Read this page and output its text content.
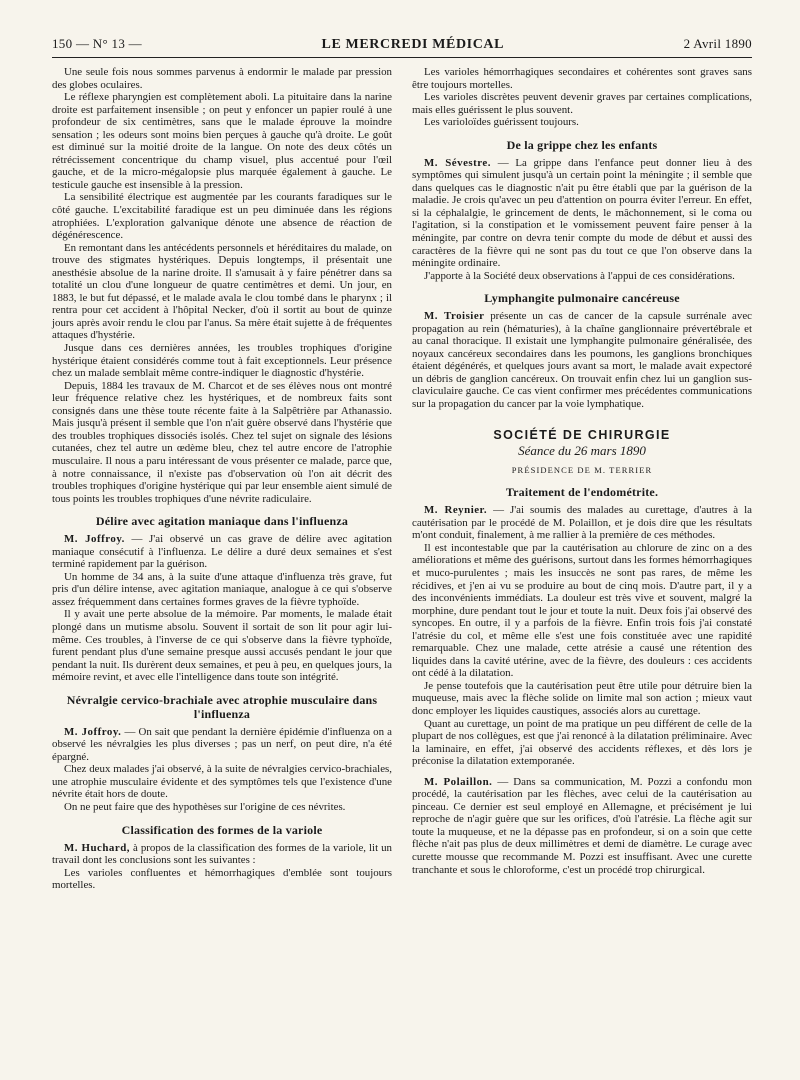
150 — N° 13 —	LE MERCREDI MÉDICAL	2 Avril 1890

Une seule fois nous sommes parvenus à endormir le malade par pression des globes oculaires.

Le réflexe pharyngien est complètement aboli. La pituitaire dans la narine droite est parfaitement insensible ; on peut y enfoncer un papier roulé à une profondeur de six centimètres, sans que le malade éprouve la moindre sensation ; les odeurs sont moins bien perçues à gauche qu'à droite. Le goût est diminué sur la moitié droite de la langue. On note des deux côtés un rétrécissement concentrique du champ visuel, plus accentué pour l'œil gauche, et de la micro-mégalopsie plus marquée également à gauche. Le testicule gauche est insensible à la pression.

La sensibilité électrique est augmentée par les courants faradiques sur le côté gauche. L'excitabilité faradique est un peu diminuée dans les régions atrophiées. L'exploration galvanique dénote une absence de réaction de dégénérescence.

En remontant dans les antécédents personnels et héréditaires du malade, on trouve des stigmates hystériques. Depuis longtemps, il présentait une anesthésie absolue de la narine droite. Il s'amusait à y faire pénétrer dans sa totalité un clou d'une longueur de quatre centimètres et demi. Un jour, en 1883, le but fut dépassé, et le malade avala le clou tombé dans le pharynx ; il rentra pour cet accident à l'hôpital Necker, d'où il sortit au bout de quinze jours après avoir rendu le clou par l'anus. Sa mère était sujette à de fréquentes attaques d'hystérie.

Jusque dans ces dernières années, les troubles trophiques d'origine hystérique étaient considérés comme tout à fait exceptionnels. Leur présence chez un malade semblait même contre-indiquer le diagnostic d'hystérie.

Depuis, 1884 les travaux de M. Charcot et de ses élèves nous ont montré leur fréquence relative chez les hystériques, et de nombreux faits sont consignés dans une thèse toute récente faite à la Salpêtrière par Athanassio. Mais jusqu'à présent il semble que l'on n'ait guère observé dans l'hystérie que des troubles trophiques dissociés isolés. Chez tel sujet on signale des lésions cutanées, chez tel autre un œdème bleu, chez tel autre encore de l'atrophie musculaire. Il nous a paru intéressant de vous présenter ce malade, parce que, à notre connaissance, il n'existe pas d'observation où l'on ait décrit des troubles trophiques d'origine hystérique qui par leur ensemble aient simulé de tous points les troubles trophiques d'une névrite radiculaire.

Délire avec agitation maniaque dans l'influenza

M. Joffroy. — J'ai observé un cas grave de délire avec agitation maniaque consécutif à l'influenza. Le délire a duré deux semaines et s'est terminé rapidement par la guérison.

Un homme de 34 ans, à la suite d'une attaque d'influenza très grave, fut pris d'un délire intense, avec agitation maniaque, analogue à ce qui s'observe assez fréquemment dans certaines formes graves de la fièvre typhoïde.

Il y avait une perte absolue de la mémoire. Par moments, le malade était plongé dans un mutisme absolu. Souvent il sortait de son lit pour agir lui-même. Ces troubles, à l'inverse de ce qui s'observe dans la fièvre typhoïde, furent pendant plus d'une semaine presque aussi accusés pendant le jour que pendant la nuit. Ils durèrent deux semaines, et peu à peu, en quelques jours, la mémoire revint, et avec elle l'intelligence dans toute son intégrité.

Névralgie cervico-brachiale avec atrophie musculaire dans l'influenza

M. Joffroy. — On sait que pendant la dernière épidémie d'influenza on a observé les névralgies les plus diverses ; pas un nerf, on peut dire, n'a été épargné.

Chez deux malades j'ai observé, à la suite de névralgies cervico-brachiales, une atrophie musculaire évidente et des symptômes tels que l'existence d'une névrite était hors de doute.

On ne peut faire que des hypothèses sur l'origine de ces névrites.

Classification des formes de la variole

M. Huchard, à propos de la classification des formes de la variole, lit un travail dont les conclusions sont les suivantes :

Les varioles confluentes et hémorrhagiques d'emblée sont toujours mortelles.

Les varioles hémorrhagiques secondaires et cohérentes sont graves sans être toujours mortelles.

Les varioles discrètes peuvent devenir graves par certaines complications, mais elles guérissent le plus souvent.

Les varioloïdes guérissent toujours.

De la grippe chez les enfants

M. Sévestre. — La grippe dans l'enfance peut donner lieu à des symptômes qui simulent jusqu'à un certain point la méningite ; il semble que dans quelques cas le diagnostic n'ait pu être établi que par la guérison de la maladie. Je crois qu'avec un peu d'attention on pourra éviter l'erreur. En effet, si la céphalalgie, le grincement de dents, le mâchonnement, si le coma ou l'agitation, si la constipation et le vomissement peuvent faire penser à la méningite, par contre on devra tenir compte du mode de début et aussi des caractères de la fièvre qui ne sont pas du tout ce que l'on observe dans la méningite ordinaire.

J'apporte à la Société deux observations à l'appui de ces considérations.

Lymphangite pulmonaire cancéreuse

M. Troisier présente un cas de cancer de la capsule surrénale avec propagation au rein (hématuries), à la chaîne ganglionnaire prévertébrale et au canal thoracique. Il existait une lymphangite pulmonaire généralisée, des noyaux cancéreux secondaires dans les poumons, les ganglions bronchiques étaient dégénérés, et quelques jours avant sa mort, le malade avait expectoré un débris de ganglion cancéreux. On trouvait enfin chez lui un ganglion sus-claviculaire gauche. Ce cas vient confirmer mes précédentes communications sur la propagation du cancer par la voie lymphatique.

SOCIÉTÉ DE CHIRURGIE
Séance du 26 mars 1890
PRÉSIDENCE DE M. TERRIER
Traitement de l'endométrite.

M. Reynier. — J'ai soumis des malades au curettage, d'autres à la cautérisation par le procédé de M. Polaillon, et je dois dire que les résultats m'ont conduit, finalement, à me rallier à la première de ces méthodes.

Il est incontestable que par la cautérisation au chlorure de zinc on a des améliorations et même des guérisons, surtout dans les formes hémorrhagiques et muco-purulentes ; mais les insuccès ne sont pas rares, de même les récidives, et j'en ai vu se produire au bout de cinq mois. D'autre part, il y a des inconvénients immédiats. La douleur est très vive et souvent, malgré la morphine, dure pendant tout le jour et toute la nuit. Deux fois j'ai observé des syncopes. En outre, il y a parfois de la fièvre. Enfin trois fois j'ai constaté l'atrésie du col, et même elle s'est une fois constituée avec une rapidité remarquable. Chez une malade, cette atrésie a causé une rétention des liquides dans la cavité utérine, avec de la fièvre, des douleurs : ces accidents ont cédé à la dilatation.

Je pense toutefois que la cautérisation peut être utile pour détruire bien la muqueuse, mais avec la flèche solide on limite mal son action ; mieux vaut donc employer les liquides caustiques, associés alors au curettage.

Quant au curettage, un point de ma pratique un peu différent de celle de la plupart de nos collègues, est que j'ai renoncé à la dilatation préliminaire. Avec la laminaire, en effet, j'ai observé des accidents réflexes, et dès lors je préconise la dilatation extemporanée.

M. Polaillon. — Dans sa communication, M. Pozzi a confondu mon procédé, la cautérisation par les flèches, avec celui de la cautérisation au pinceau. Ce dernier est seul employé en Allemagne, et précisément je lui reproche de n'agir guère que sur les orifices, d'où l'atrésie. La flèche agit sur toute la muqueuse, et ne la dépasse pas en profondeur, si on a soin que cette flèche n'ait pas plus de deux millimètres et demi de diamètre. Le curage avec curette mousse que recommande M. Pozzi est insuffisant. Avec une curette tranchante et sous le chloroforme, c'est un procédé trop chirurgical.
